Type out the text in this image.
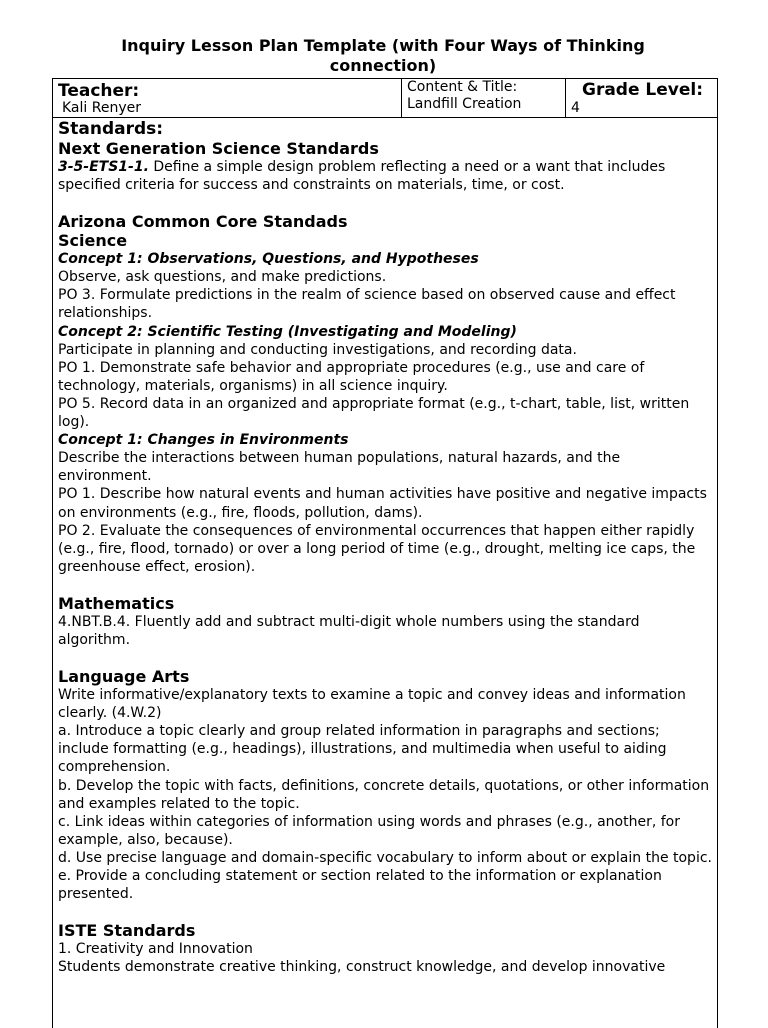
Inquiry Lesson Plan Template (with Four Ways of Thinking connection)
Teacher:
Kali Renyer
Content & Title:
Landfill Creation
Grade Level:
4

Standards:

Next Generation Science Standards

3-5-ETS1-1. Define a simple design problem reflecting a need or a want that includes specified criteria for success and constraints on materials, time, or cost.

Arizona Common Core Standads

Science

Concept 1: Observations, Questions, and Hypotheses

Observe, ask questions, and make predictions.

PO 3. Formulate predictions in the realm of science based on observed cause and effect relationships.

Concept 2: Scientific Testing (Investigating and Modeling)

Participate in planning and conducting investigations, and recording data.

PO 1. Demonstrate safe behavior and appropriate procedures (e.g., use and care of technology, materials, organisms) in all science inquiry.

PO 5. Record data in an organized and appropriate format (e.g., t-chart, table, list, written log).

Concept 1: Changes in Environments

Describe the interactions between human populations, natural hazards, and the environment.

PO 1. Describe how natural events and human activities have positive and negative impacts on environments (e.g., fire, floods, pollution, dams).

PO 2. Evaluate the consequences of environmental occurrences that happen either rapidly (e.g., fire, flood, tornado) or over a long period of time (e.g., drought, melting ice caps, the greenhouse effect, erosion).

Mathematics

4.NBT.B.4. Fluently add and subtract multi-digit whole numbers using the standard algorithm.

Language Arts

Write informative/explanatory texts to examine a topic and convey ideas and information clearly. (4.W.2)

a. Introduce a topic clearly and group related information in paragraphs and sections; include formatting (e.g., headings), illustrations, and multimedia when useful to aiding comprehension.

b. Develop the topic with facts, definitions, concrete details, quotations, or other information and examples related to the topic.

c. Link ideas within categories of information using words and phrases (e.g., another, for example, also, because).

d. Use precise language and domain-specific vocabulary to inform about or explain the topic.

e. Provide a concluding statement or section related to the information or explanation presented.

ISTE Standards

1. Creativity and Innovation

Students demonstrate creative thinking, construct knowledge, and develop innovative
